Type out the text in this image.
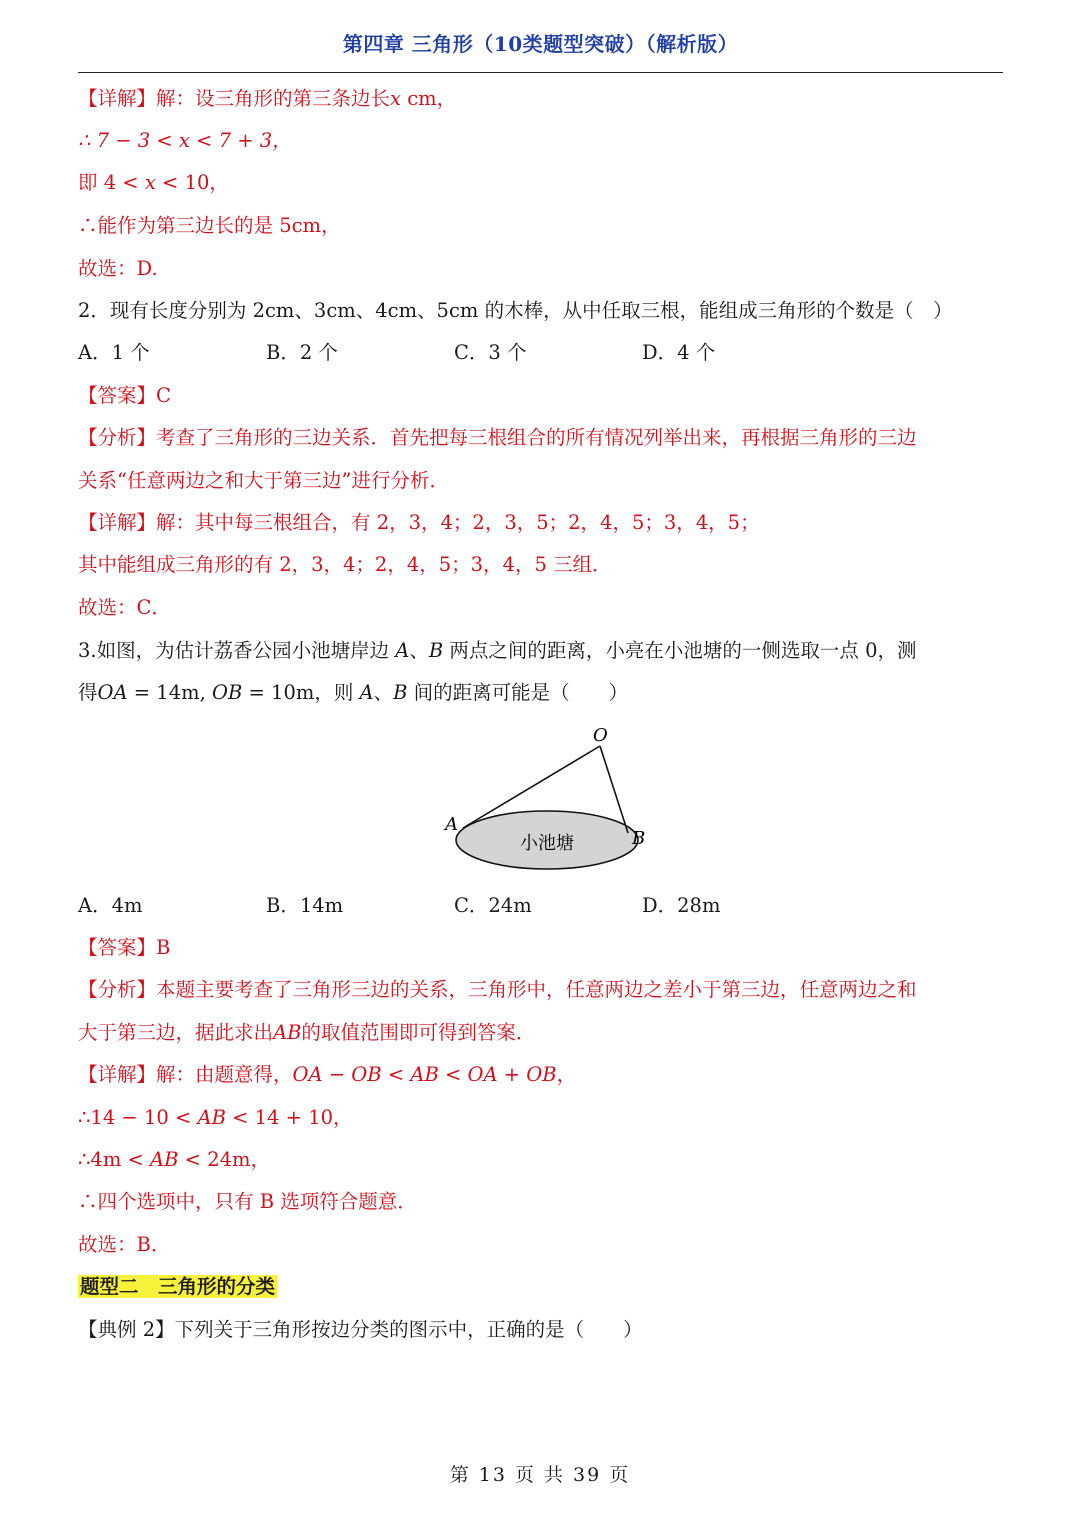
第四章 三角形（10类题型突破）（解析版）
【详解】解：设三角形的第三条边长𝑥 cm，
∴ 7 − 3 < 𝑥 < 7 + 3，
即 4 < 𝑥 < 10，
∴能作为第三边长的是 5cm，
故选：D.
2．现有长度分别为 2cm、3cm、4cm、5cm 的木棒，从中任取三根，能组成三角形的个数是（　）
A．1 个	B．2 个	C．3 个	D．4 个
【答案】C
【分析】考查了三角形的三边关系．首先把每三根组合的所有情况列举出来，再根据三角形的三边
关系“任意两边之和大于第三边”进行分析．
【详解】解：其中每三根组合，有 2，3，4；2，3，5；2，4，5；3，4，5；
其中能组成三角形的有 2，3，4；2，4，5；3，4，5 三组．
故选：C．
3.如图，为估计荔香公园小池塘岸边 𝐴、𝐵 两点之间的距离，小亮在小池塘的一侧选取一点 0，测
得𝑂𝐴 = 14m, 𝑂𝐵 = 10m，则 𝐴、𝐵 间的距离可能是（　　）
O
A
B
小池塘
A．4m	B．14m	C．24m	D．28m
【答案】B
【分析】本题主要考查了三角形三边的关系，三角形中，任意两边之差小于第三边，任意两边之和
大于第三边，据此求出𝐴𝐵的取值范围即可得到答案．
【详解】解：由题意得，𝑂𝐴 − 𝑂𝐵 < 𝐴𝐵 < 𝑂𝐴 + 𝑂𝐵，
∴14 − 10 < 𝐴𝐵 < 14 + 10，
∴4m < 𝐴𝐵 < 24m，
∴四个选项中，只有 B 选项符合题意．
故选：B．
题型二　三角形的分类
【典例 2】下列关于三角形按边分类的图示中，正确的是（　　）
第 13 页 共 39 页
